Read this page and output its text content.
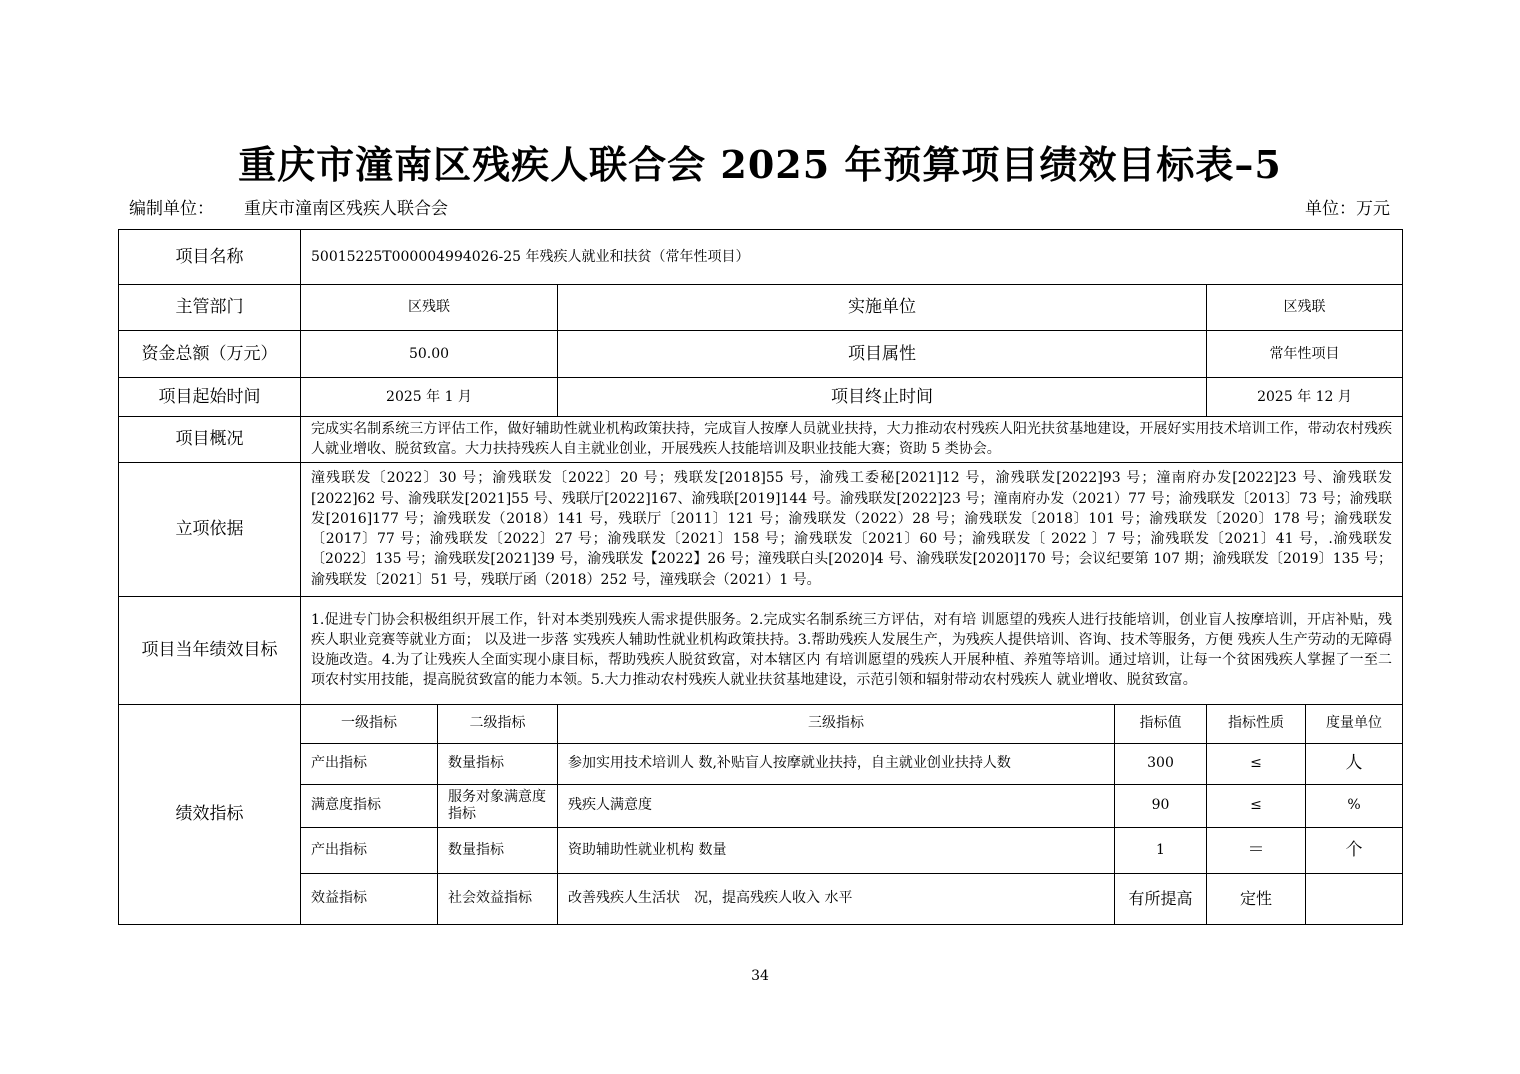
重庆市潼南区残疾人联合会 2025 年预算项目绩效目标表–5
编制单位： 重庆市潼南区残疾人联合会	单位：万元
项目名称	50015225T000004994026-25 年残疾人就业和扶贫（常年性项目）					
主管部门	区残联		实施单位		区残联	
资金总额（万元）	50.00		项目属性		常年性项目	
项目起始时间	2025 年 1 月		项目终止时间		2025 年 12 月	
项目概况	完成实名制系统三方评估工作，做好辅助性就业机构政策扶持，完成盲人按摩人员就业扶持，大力推动农村残疾人阳光扶贫基地建设，开展好实用技术培训工作，带动农村残疾人就业增收、脱贫致富。大力扶持残疾人自主就业创业，开展残疾人技能培训及职业技能大赛；资助 5 类协会。					
立项依据	潼残联发〔2022〕30 号；渝残联发〔2022〕20 号；残联发[2018]55 号，渝残工委秘[2021]12 号，渝残联发[2022]93 号；潼南府办发[2022]23 号、渝残联发[2022]62 号、渝残联发[2021]55 号、残联厅[2022]167、渝残联[2019]144 号。渝残联发[2022]23 号；潼南府办发（2021）77 号；渝残联发〔2013〕73 号；渝残联发[2016]177 号；渝残联发（2018）141 号，残联厅〔2011〕121 号；渝残联发（2022）28 号；渝残联发〔2018〕101 号；渝残联发〔2020〕178 号；渝残联发〔2017〕77 号；渝残联发〔2022〕27 号；渝残联发〔2021〕158 号；渝残联发〔2021〕60 号；渝残联发〔 2022 〕7 号；渝残联发〔2021〕41 号，.渝残联发〔2022〕135 号；渝残联发[2021]39 号，渝残联发【2022】26 号；潼残联白头[2020]4 号、渝残联发[2020]170 号；会议纪要第 107 期；渝残联发〔2019〕135 号；渝残联发〔2021〕51 号，残联厅函（2018）252 号，潼残联会（2021）1 号。					
项目当年绩效目标	1.促进专门协会积极组织开展工作，针对本类别残疾人需求提供服务。2.完成实名制系统三方评估，对有培 训愿望的残疾人进行技能培训，创业盲人按摩培训，开店补贴，残疾人职业竞赛等就业方面； 以及进一步落 实残疾人辅助性就业机构政策扶持。3.帮助残疾人发展生产，为残疾人提供培训、咨询、技术等服务，方便 残疾人生产劳动的无障碍设施改造。4.为了让残疾人全面实现小康目标，帮助残疾人脱贫致富，对本辖区内 有培训愿望的残疾人开展种植、养殖等培训。通过培训，让每一个贫困残疾人掌握了一至二项农村实用技能，提高脱贫致富的能力本领。5.大力推动农村残疾人就业扶贫基地建设，示范引领和辐射带动农村残疾人 就业增收、脱贫致富。					
绩效指标	一级指标	二级指标	三级指标	指标值	指标性质	度量单位
	产出指标	数量指标	参加实用技术培训人 数,补贴盲人按摩就业扶持，自主就业创业扶持人数	300	≤	人
	满意度指标	服务对象满意度指标	残疾人满意度	90	≤	%
	产出指标	数量指标	资助辅助性就业机构 数量	1	＝	个
	效益指标	社会效益指标	改善残疾人生活状　况，提高残疾人收入 水平	有所提高	定性	
34
